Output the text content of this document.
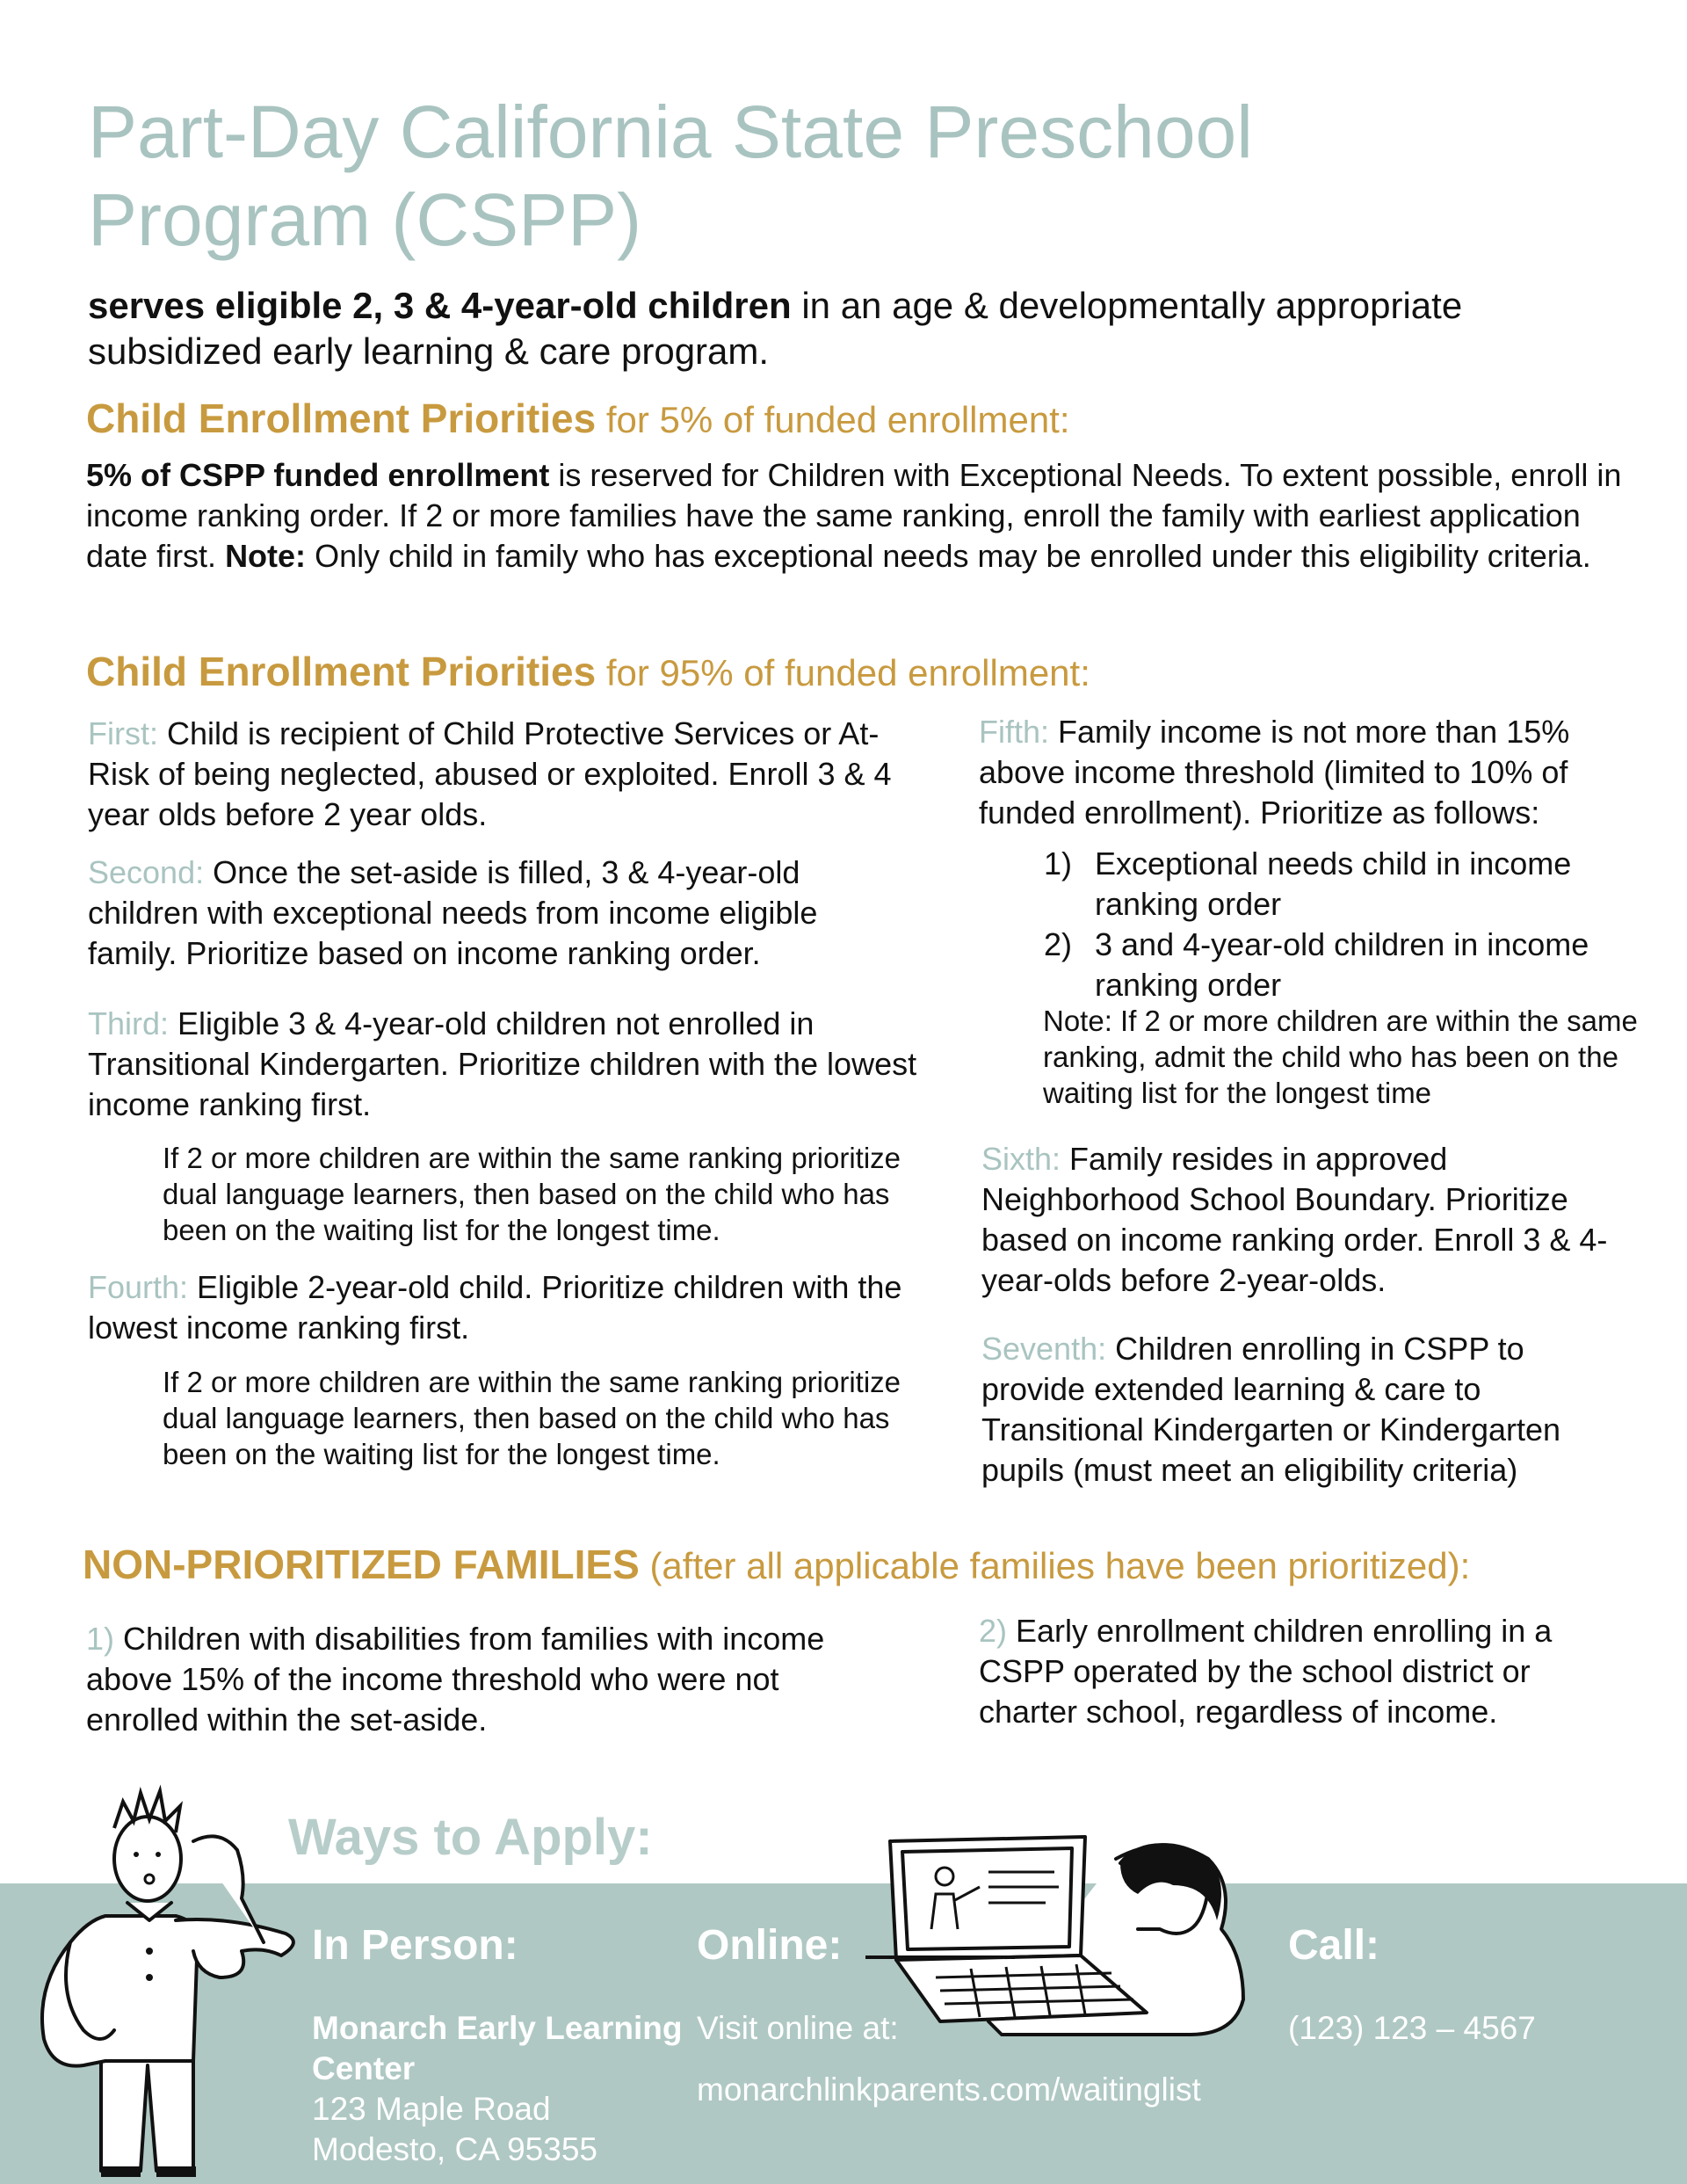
Part-Day California State Preschool
Program (CSPP)
serves eligible 2, 3 & 4-year-old children in an age & developmentally appropriate subsidized early learning & care program.
Child Enrollment Priorities for 5% of funded enrollment:
5% of CSPP funded enrollment is reserved for Children with Exceptional Needs. To extent possible, enroll in income ranking order. If 2 or more families have the same ranking, enroll the family with earliest application date first. Note: Only child in family who has exceptional needs may be enrolled under this eligibility criteria.
Child Enrollment Priorities for 95% of funded enrollment:
First: Child is recipient of Child Protective Services or At-Risk of being neglected, abused or exploited. Enroll 3 & 4 year olds before 2 year olds.
Second: Once the set-aside is filled, 3 & 4-year-old children with exceptional needs from income eligible family. Prioritize based on income ranking order.
Third: Eligible 3 & 4-year-old children not enrolled in Transitional Kindergarten. Prioritize children with the lowest income ranking first.
If 2 or more children are within the same ranking prioritize dual language learners, then based on the child who has been on the waiting list for the longest time.
Fourth: Eligible 2-year-old child. Prioritize children with the lowest income ranking first.
If 2 or more children are within the same ranking prioritize dual language learners, then based on the child who has been on the waiting list for the longest time.
Fifth: Family income is not more than 15% above income threshold (limited to 10% of funded enrollment). Prioritize as follows:
1) Exceptional needs child in income ranking order
2) 3 and 4-year-old children in income ranking order
Note: If 2 or more children are within the same ranking, admit the child who has been on the waiting list for the longest time
Sixth: Family resides in approved Neighborhood School Boundary. Prioritize based on income ranking order. Enroll 3 & 4-year-olds before 2-year-olds.
Seventh: Children enrolling in CSPP to provide extended learning & care to Transitional Kindergarten or Kindergarten pupils (must meet an eligibility criteria)
NON-PRIORITIZED FAMILIES (after all applicable families have been prioritized):
1) Children with disabilities from families with income above 15% of the income threshold who were not enrolled within the set-aside.
2) Early enrollment children enrolling in a CSPP operated by the school district or charter school, regardless of income.
Ways to Apply:
In Person:
Monarch Early Learning Center
123 Maple Road
Modesto, CA 95355
Online:
Visit online at:
monarchlinkparents.com/waitinglist
Call:
(123) 123 – 4567
